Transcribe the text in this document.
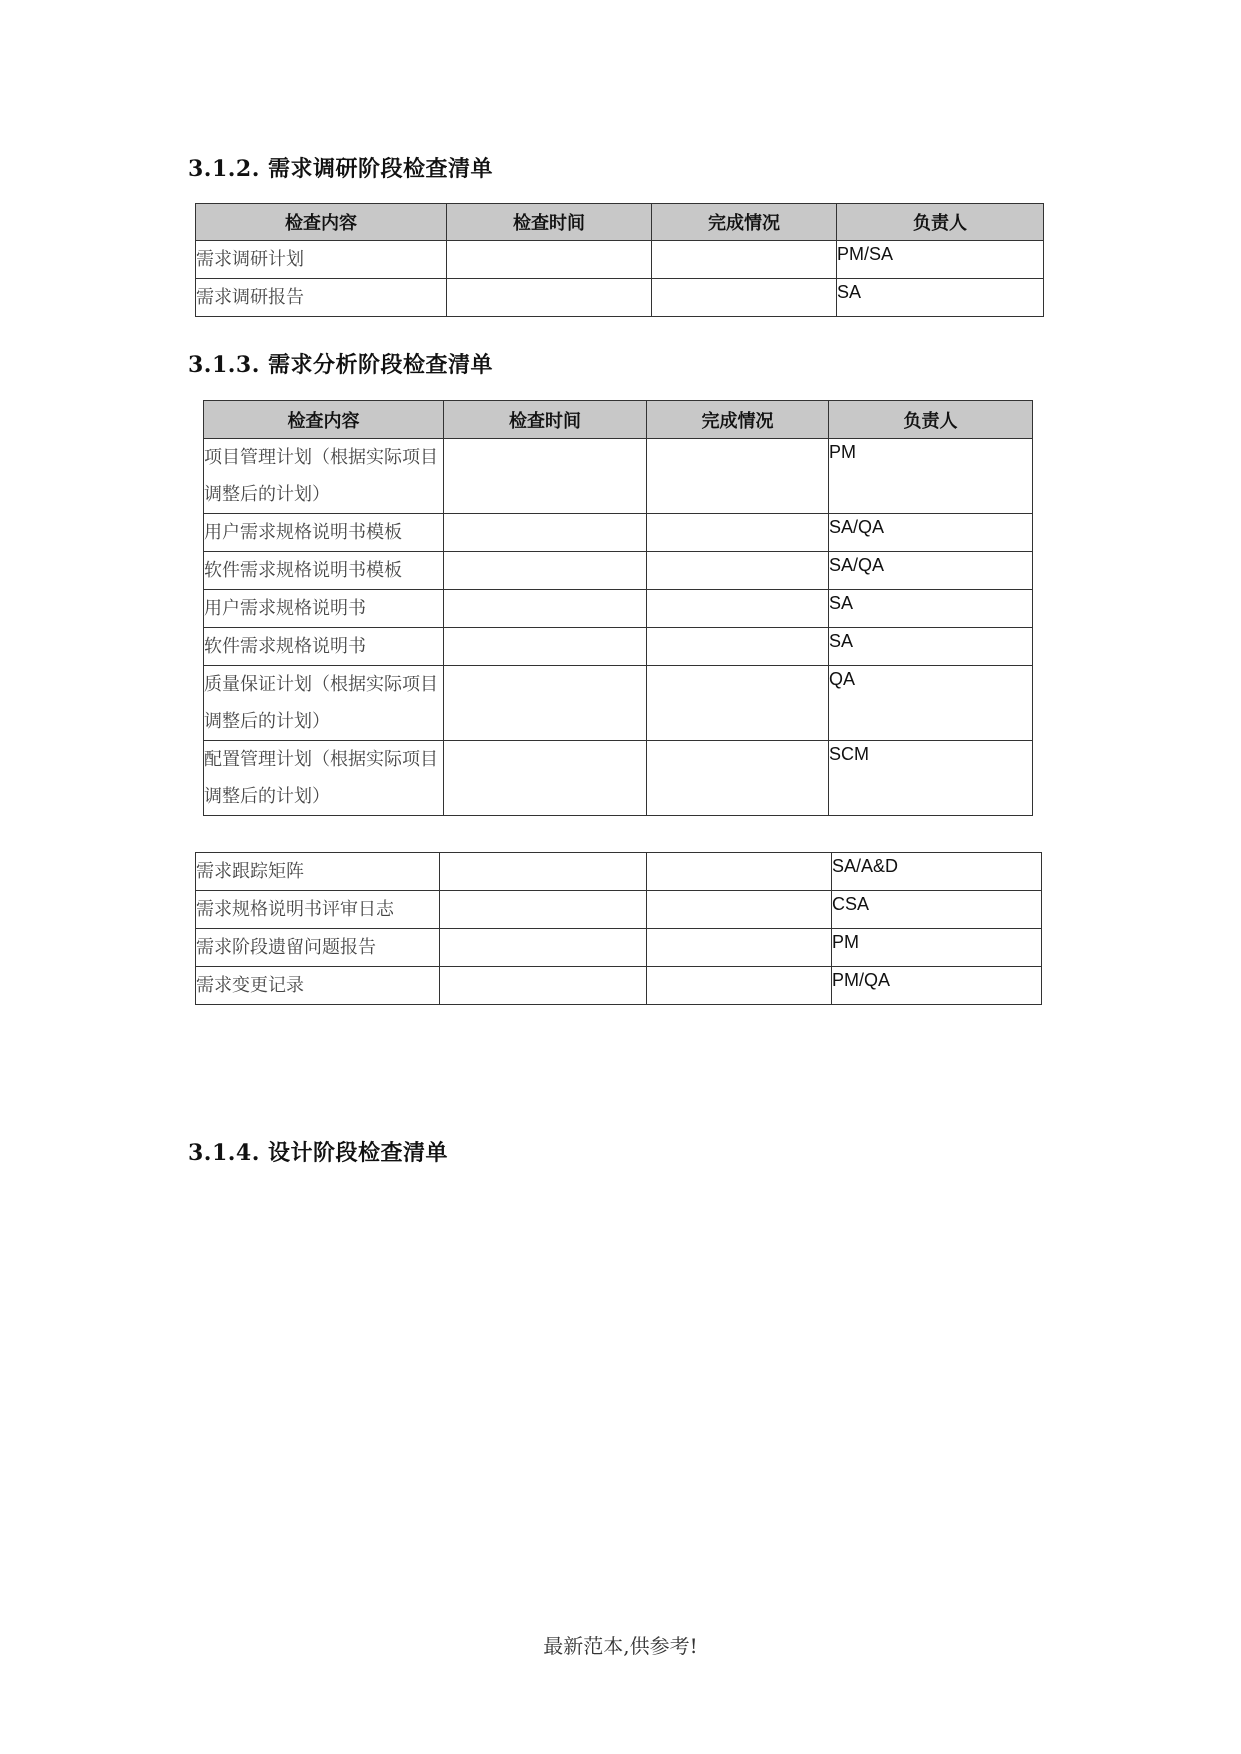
3.1.2. 需求调研阶段检查清单
检查内容	检查时间	完成情况	负责人
需求调研计划			PM/SA
需求调研报告			SA
3.1.3. 需求分析阶段检查清单
检查内容	检查时间	完成情况	负责人
项目管理计划（根据实际项目调整后的计划）			PM
用户需求规格说明书模板			SA/QA
软件需求规格说明书模板			SA/QA
用户需求规格说明书			SA
软件需求规格说明书			SA
质量保证计划（根据实际项目调整后的计划）			QA
配置管理计划（根据实际项目调整后的计划）			SCM
需求跟踪矩阵			SA/A&D
需求规格说明书评审日志			CSA
需求阶段遗留问题报告			PM
需求变更记录			PM/QA
3.1.4. 设计阶段检查清单
最新范本,供参考!
